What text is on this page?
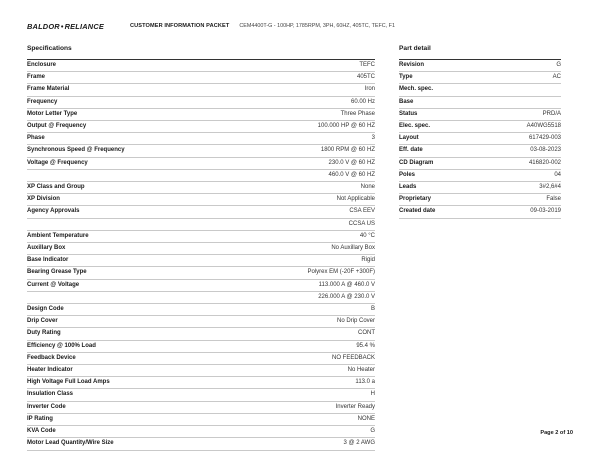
BALDOR•RELIANCE	CUSTOMER INFORMATION PACKET CEM4400T-G - 100HP, 1785RPM, 3PH, 60HZ, 405TC, TEFC, F1
Specifications	Part detail
Enclosure	TEFC
Frame	405TC
Frame Material	Iron
Frequency	60.00 Hz
Motor Letter Type	Three Phase
Output @ Frequency	100.000 HP @ 60 HZ
Phase	3
Synchronous Speed @ Frequency	1800 RPM @ 60 HZ
Voltage @ Frequency	230.0 V @ 60 HZ
	460.0 V @ 60 HZ
XP Class and Group	None
XP Division	Not Applicable
Agency Approvals	CSA EEV
	CCSA US
Ambient Temperature	40 °C
Auxillary Box	No Auxillary Box
Base Indicator	Rigid
Bearing Grease Type	Polyrex EM (-20F +300F)
Current @ Voltage	113.000 A @ 460.0 V
	226.000 A @ 230.0 V
Design Code	B
Drip Cover	No Drip Cover
Duty Rating	CONT
Efficiency @ 100% Load	95.4 %
Feedback Device	NO FEEDBACK
Heater Indicator	No Heater
High Voltage Full Load Amps	113.0 a
Insulation Class	H
Inverter Code	Inverter Ready
IP Rating	NONE
KVA Code	G
Motor Lead Quantity/Wire Size	3 @ 2 AWG
Revision	G
Type	AC
Mech. spec.	
Base	
Status	PRD/A
Elec. spec.	A40WG5518
Layout	617429-003
Eff. date	03-08-2023
CD Diagram	416820-002
Poles	04
Leads	3#2,6#4
Proprietary	False
Created date	09-03-2019
Page 2 of 10
